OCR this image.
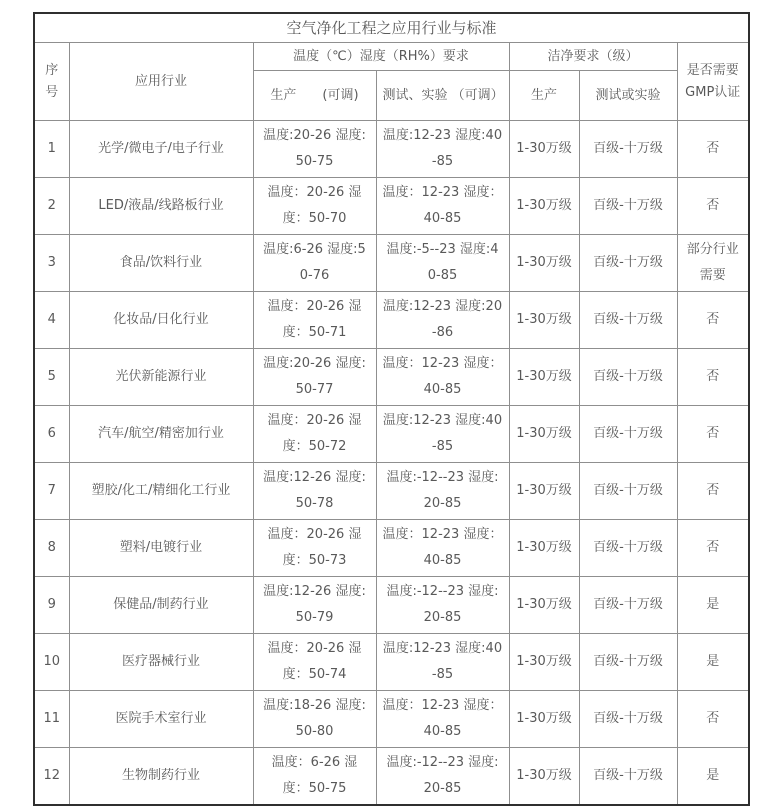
空气净化工程之应用行业与标准						
序号	应用行业	温度（℃）湿度（RH%）要求		洁净要求（级）		是否需要GMP认证
		生产　　(可调)	测试、实验 （可调）	生产	测试或实验	
1	光学/微电子/电子行业	温度:20-26 湿度:50-75	温度:12-23 湿度:40-85	1-30万级	百级-十万级	否
2	LED/液晶/线路板行业	温度：20-26 湿度：50-70	温度：12-23 湿度：40-85	1-30万级	百级-十万级	否
3	食品/饮料行业	温度:6-26 湿度:50-76	温度:-5--23 湿度:40-85	1-30万级	百级-十万级	部分行业需要
4	化妆品/日化行业	温度：20-26 湿度：50-71	温度:12-23 湿度:20-86	1-30万级	百级-十万级	否
5	光伏新能源行业	温度:20-26 湿度:50-77	温度：12-23 湿度：40-85	1-30万级	百级-十万级	否
6	汽车/航空/精密加行业	温度：20-26 湿度：50-72	温度:12-23 湿度:40-85	1-30万级	百级-十万级	否
7	塑胶/化工/精细化工行业	温度:12-26 湿度:50-78	温度:-12--23 湿度:20-85	1-30万级	百级-十万级	否
8	塑料/电镀行业	温度：20-26 湿度：50-73	温度：12-23 湿度：40-85	1-30万级	百级-十万级	否
9	保健品/制药行业	温度:12-26 湿度:50-79	温度:-12--23 湿度:20-85	1-30万级	百级-十万级	是
10	医疗器械行业	温度：20-26 湿度：50-74	温度:12-23 湿度:40-85	1-30万级	百级-十万级	是
11	医院手术室行业	温度:18-26 湿度:50-80	温度：12-23 湿度：40-85	1-30万级	百级-十万级	否
12	生物制药行业	温度：6-26 湿度：50-75	温度:-12--23 湿度:20-85	1-30万级	百级-十万级	是
